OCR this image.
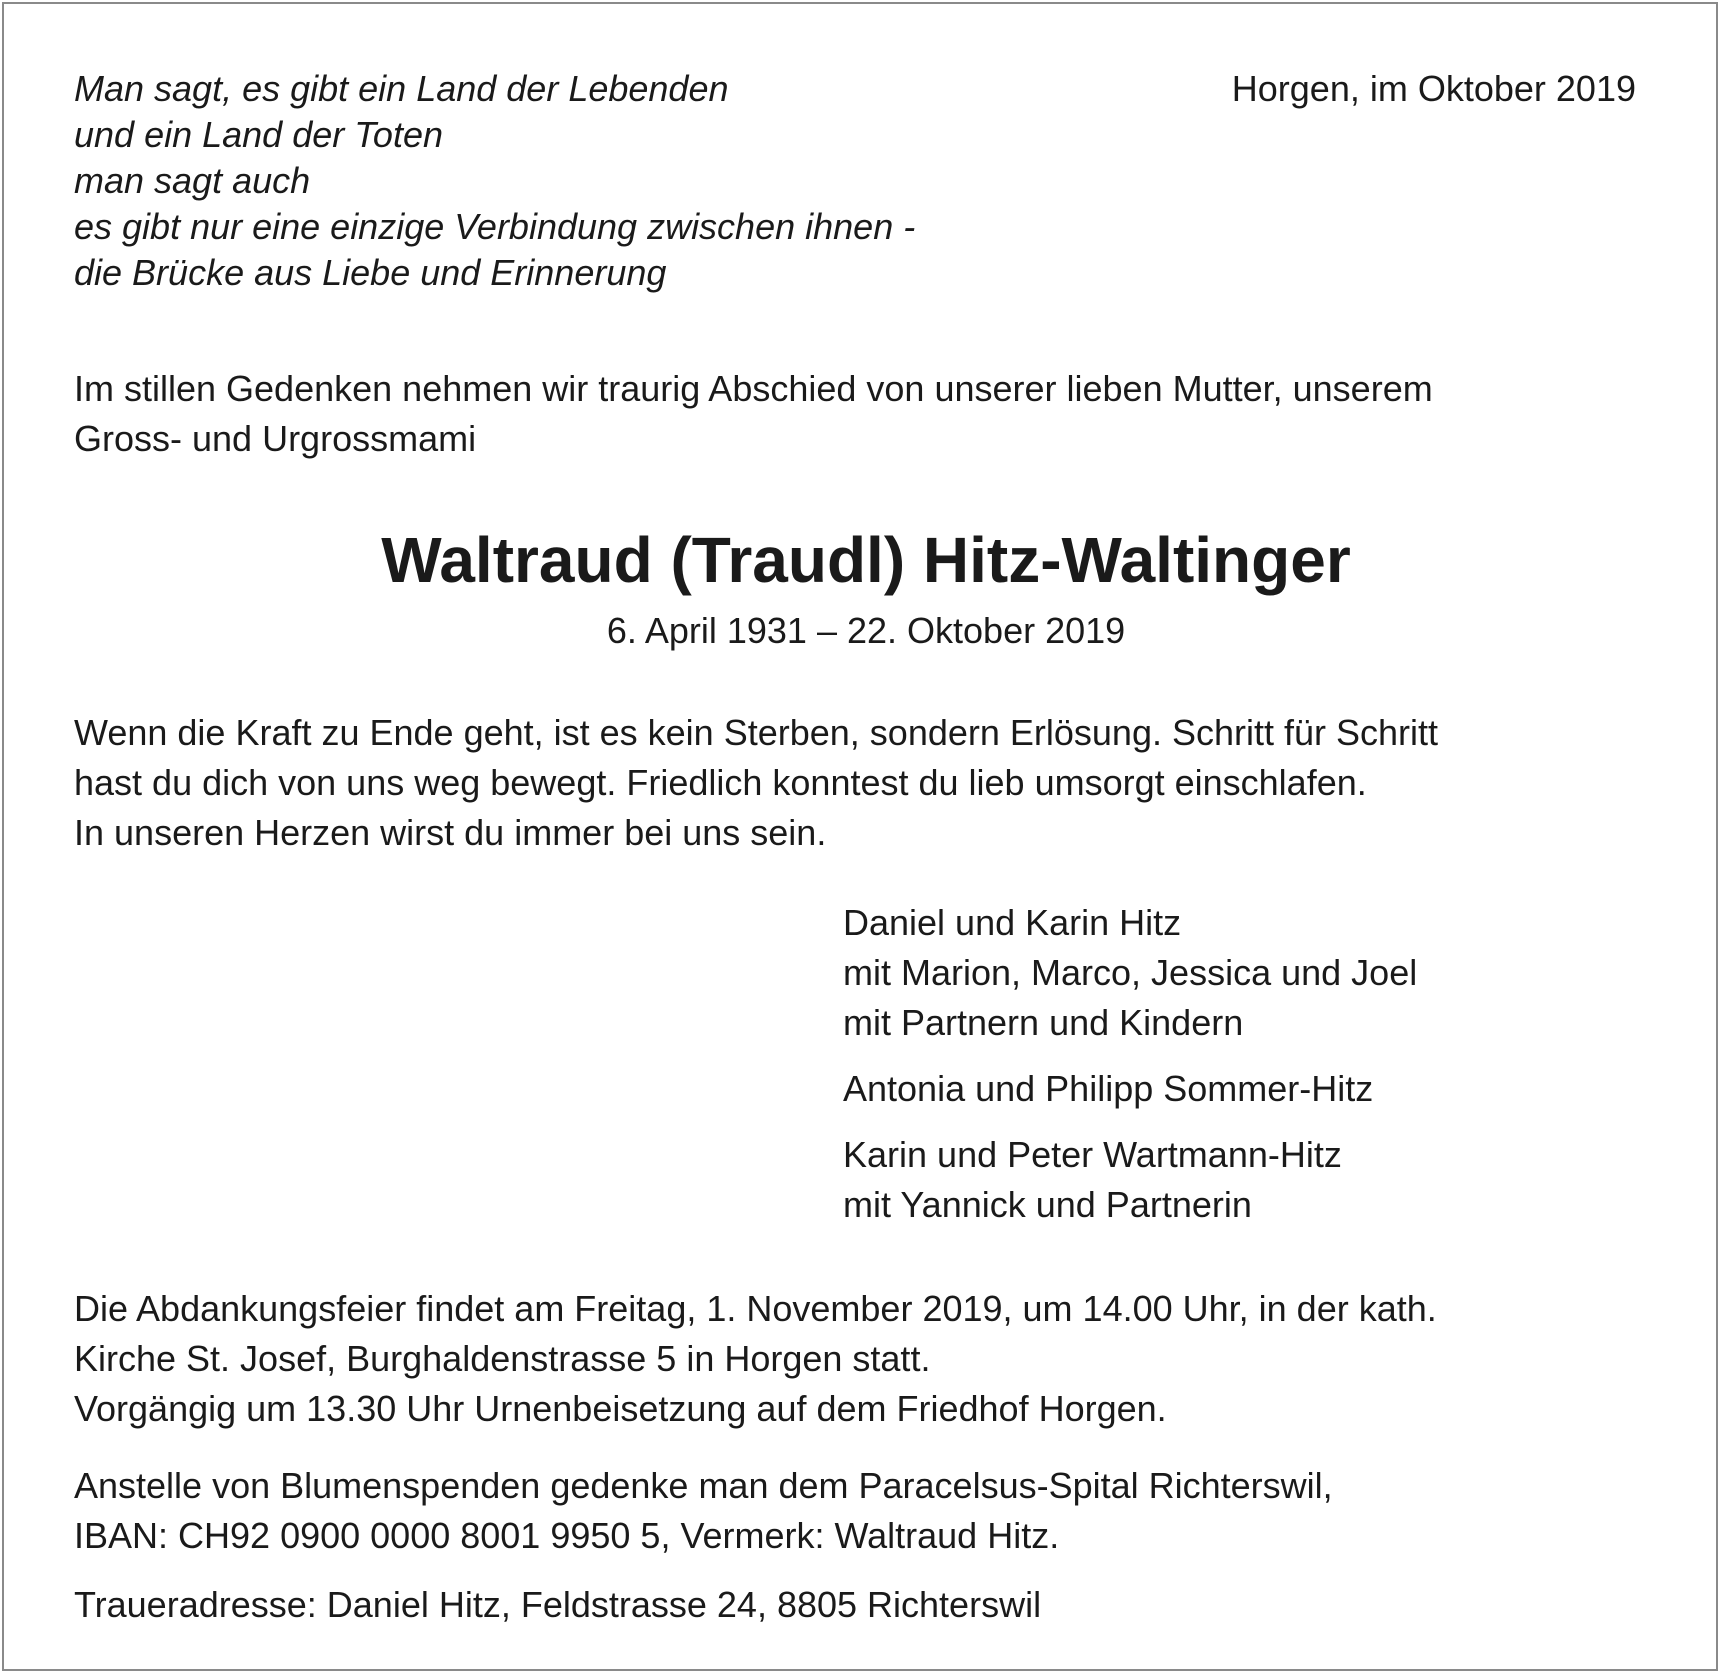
Man sagt, es gibt ein Land der Lebenden
und ein Land der Toten
man sagt auch
es gibt nur eine einzige Verbindung zwischen ihnen -
die Brücke aus Liebe und Erinnerung
Horgen, im Oktober 2019
Im stillen Gedenken nehmen wir traurig Abschied von unserer lieben Mutter, unserem
Gross- und Urgrossmami
Waltraud (Traudl) Hitz-Waltinger
6. April 1931 – 22. Oktober 2019
Wenn die Kraft zu Ende geht, ist es kein Sterben, sondern Erlösung. Schritt für Schritt
hast du dich von uns weg bewegt. Friedlich konntest du lieb umsorgt einschlafen.
In unseren Herzen wirst du immer bei uns sein.
Daniel und Karin Hitz
mit Marion, Marco, Jessica und Joel
mit Partnern und Kindern
Antonia und Philipp Sommer-Hitz
Karin und Peter Wartmann-Hitz
mit Yannick und Partnerin
Die Abdankungsfeier findet am Freitag, 1. November 2019, um 14.00 Uhr, in der kath.
Kirche St. Josef, Burghaldenstrasse 5 in Horgen statt.
Vorgängig um 13.30 Uhr Urnenbeisetzung auf dem Friedhof Horgen.
Anstelle von Blumenspenden gedenke man dem Paracelsus-Spital Richterswil,
IBAN: CH92 0900 0000 8001 9950 5, Vermerk: Waltraud Hitz.
Traueradresse: Daniel Hitz, Feldstrasse 24, 8805 Richterswil
